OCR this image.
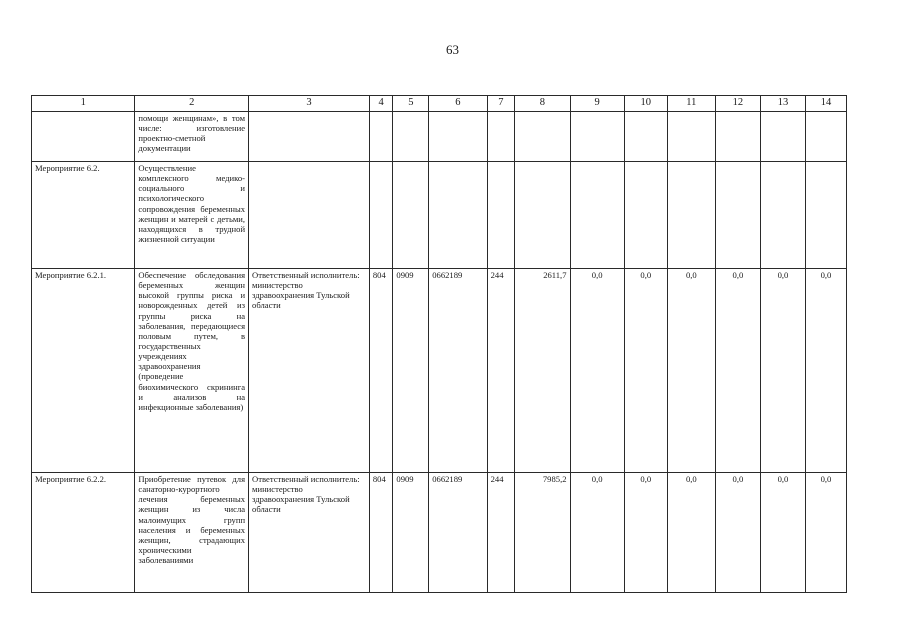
63
1	2	3	4	5	6	7	8	9	10	11	12	13	14
	помощи женщинам», в том числе: изготовление проектно-сметной документации												
Мероприятие 6.2.	Осуществление комплексного медико-социального и психологического сопровождения беременных женщин и матерей с детьми, находящихся в трудной жизненной ситуации												
Мероприятие 6.2.1.	Обеспечение обследования беременных женщин высокой группы риска и новорожденных детей из группы риска на заболевания, передающиеся половым путем, в государственных учреждениях здравоохранения (проведение биохимического скрининга и анализов на инфекционные заболевания)	Ответственный исполнитель: министерство здравоохранения Тульской области	804	0909	0662189	244	2611,7	0,0	0,0	0,0	0,0	0,0	0,0
Мероприятие 6.2.2.	Приобретение путевок для санаторно-курортного лечения беременных женщин из числа малоимущих групп населения и беременных женщин, страдающих хроническими заболеваниями	Ответственный исполнитель: министерство здравоохранения Тульской области	804	0909	0662189	244	7985,2	0,0	0,0	0,0	0,0	0,0	0,0
